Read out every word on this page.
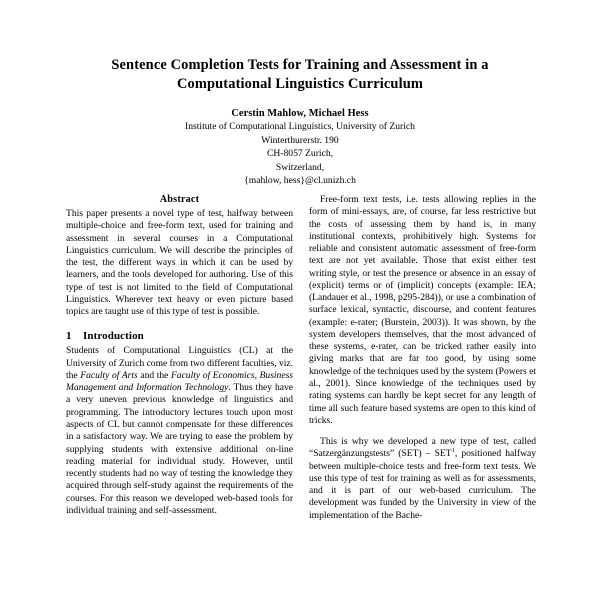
Sentence Completion Tests for Training and Assessment in a Computational Linguistics Curriculum
Cerstin Mahlow, Michael Hess
Institute of Computational Linguistics, University of Zurich
Winterthurerstr. 190
CH-8057 Zurich,
Switzerland,
{mahlow, hess}@cl.unizh.ch
Abstract

This paper presents a novel type of test, halfway between multiple-choice and free-form text, used for training and assessment in several courses in a Computational Linguistics curriculum. We will describe the principles of the test, the different ways in which it can be used by learners, and the tools developed for authoring. Use of this type of test is not limited to the field of Computational Linguistics. Wherever text heavy or even picture based topics are taught use of this type of test is possible.

1 Introduction

Students of Computational Linguistics (CL) at the University of Zurich come from two different faculties, viz. the Faculty of Arts and the Faculty of Economics, Business Management and Information Technology. Thus they have a very uneven previous knowledge of linguistics and programming. The introductory lectures touch upon most aspects of CL but cannot compensate for these differences in a satisfactory way. We are trying to ease the problem by supplying students with extensive additional on-line reading material for individual study. However, until recently students had no way of testing the knowledge they acquired through self-study against the requirements of the courses. For this reason we developed web-based tools for individual training and self-assessment.

Free-form text tests, i.e. tests allowing replies in the form of mini-essays, are, of course, far less restrictive but the costs of assessing them by hand is, in many institutional contexts, prohibitively high. Systems for reliable and consistent automatic assessment of free-form text are not yet available. Those that exist either test writing style, or test the presence or absence in an essay of (explicit) terms or of (implicit) concepts (example: IEA; (Landauer et al., 1998, p295-284)), or use a combination of surface lexical, syntactic, discourse, and content features (example: e-rater; (Burstein, 2003)). It was shown, by the system developers themselves, that the most advanced of these systems, e-rater, can be tricked rather easily into giving marks that are far too good, by using some knowledge of the techniques used by the system (Powers et al., 2001). Since knowledge of the techniques used by rating systems can hardly be kept secret for any length of time all such feature based systems are open to this kind of tricks.

This is why we developed a new type of test, called “Satzergänzungstests” (SET) – SET$^1$, positioned halfway between multiple-choice tests and free-form text tests. We use this type of test for training as well as for assessments, and it is part of our web-based curriculum. The development was funded by the University in view of the implementation of the Bache-
